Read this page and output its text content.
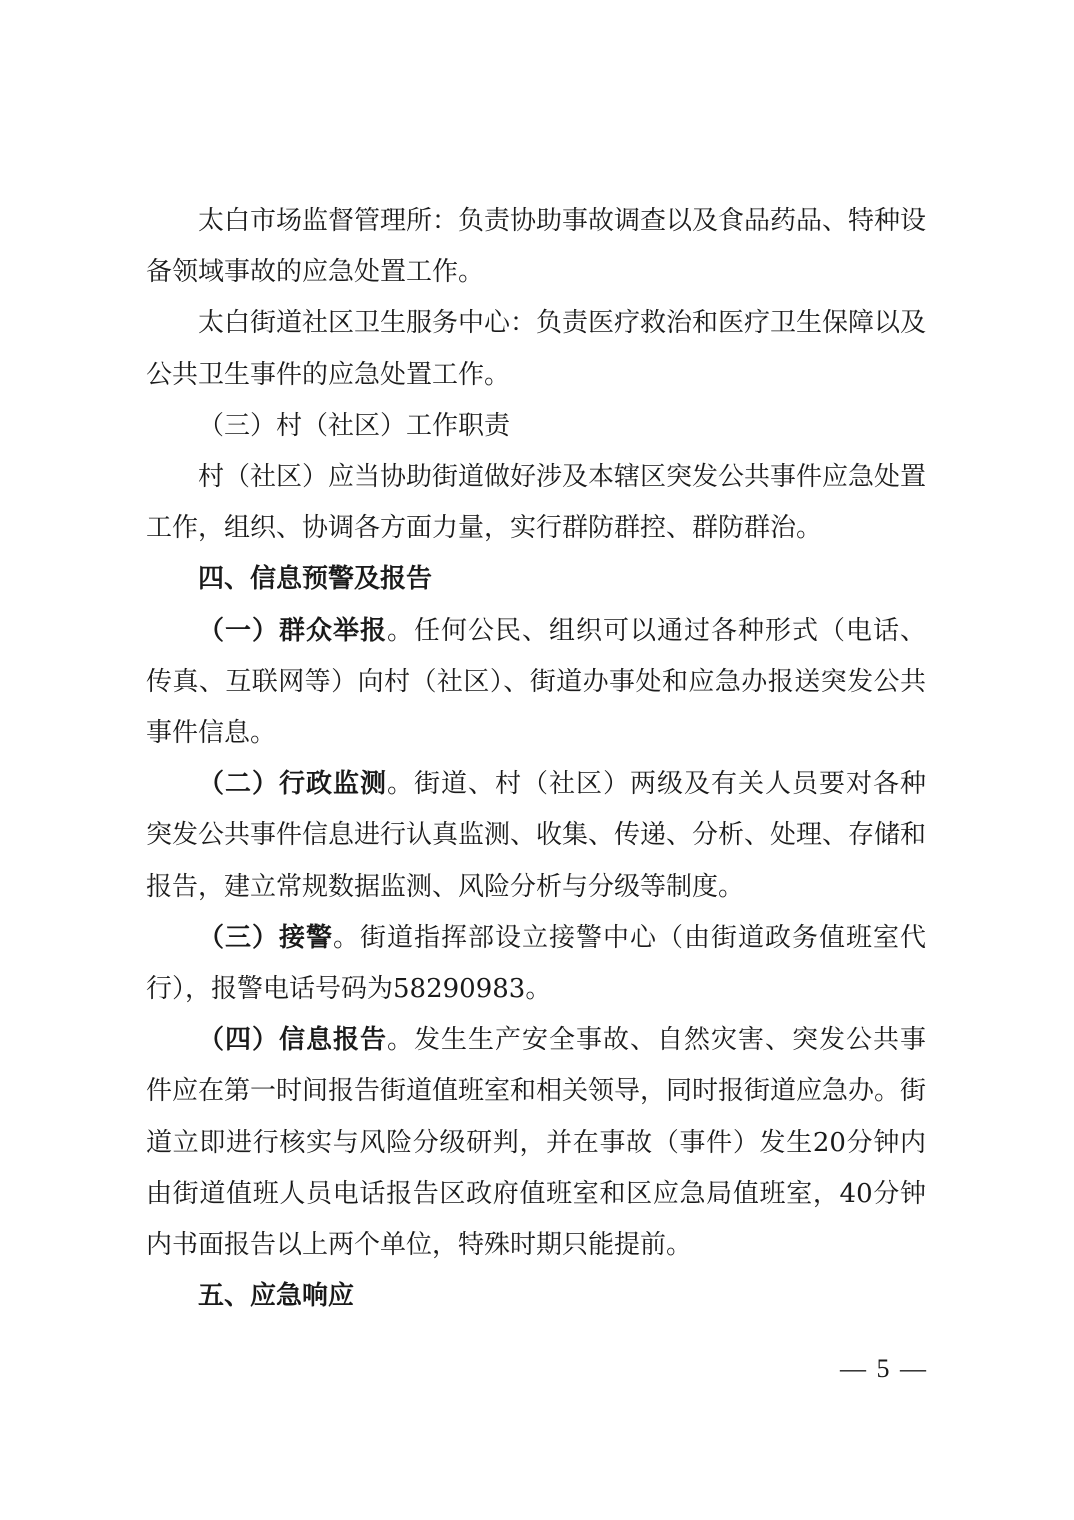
太白市场监督管理所：负责协助事故调查以及食品药品、特种设备领域事故的应急处置工作。

太白街道社区卫生服务中心：负责医疗救治和医疗卫生保障以及公共卫生事件的应急处置工作。

（三）村（社区）工作职责

村（社区）应当协助街道做好涉及本辖区突发公共事件应急处置工作，组织、协调各方面力量，实行群防群控、群防群治。

四、信息预警及报告

（一）群众举报。任何公民、组织可以通过各种形式（电话、传真、互联网等）向村（社区）、街道办事处和应急办报送突发公共事件信息。

（二）行政监测。街道、村（社区）两级及有关人员要对各种突发公共事件信息进行认真监测、收集、传递、分析、处理、存储和报告，建立常规数据监测、风险分析与分级等制度。

（三）接警。街道指挥部设立接警中心（由街道政务值班室代行），报警电话号码为58290983。

（四）信息报告。发生生产安全事故、自然灾害、突发公共事件应在第一时间报告街道值班室和相关领导，同时报街道应急办。街道立即进行核实与风险分级研判，并在事故（事件）发生20分钟内由街道值班人员电话报告区政府值班室和区应急局值班室，40分钟内书面报告以上两个单位，特殊时期只能提前。

五、应急响应

— 5 —
